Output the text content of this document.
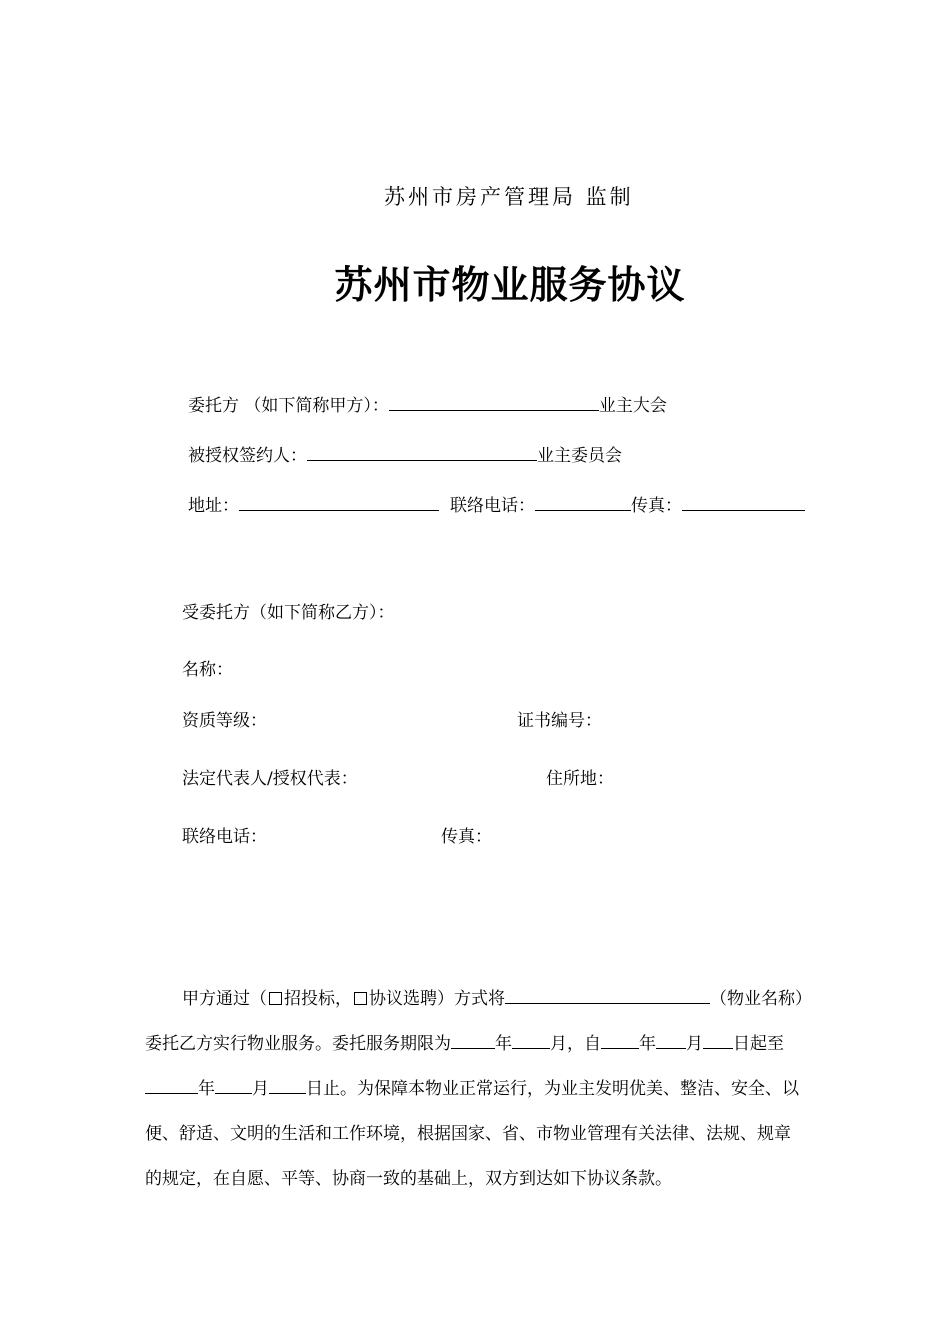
苏州市房产管理局 监制
苏州市物业服务协议
委托方 （如下简称甲方）：	业主大会
被授权签约人：	业主委员会
地址：	联络电话：	传真：
受委托方（如下简称乙方）：
名称：
资质等级：	证书编号：
法定代表人/授权代表：	住所地：
联络电话：	传真：
甲方通过（ 招投标， 协议选聘）方式将	（物业名称）
委托乙方实行物业服务。委托服务期限为	年 月，自 年 月 日起至
年 月 日止。为保障本物业正常运行，为业主发明优美、整洁、安全、以
便、舒适、文明的生活和工作环境，根据国家、省、市物业管理有关法律、法规、规章
的规定，在自愿、平等、协商一致的基础上，双方到达如下协议条款。
